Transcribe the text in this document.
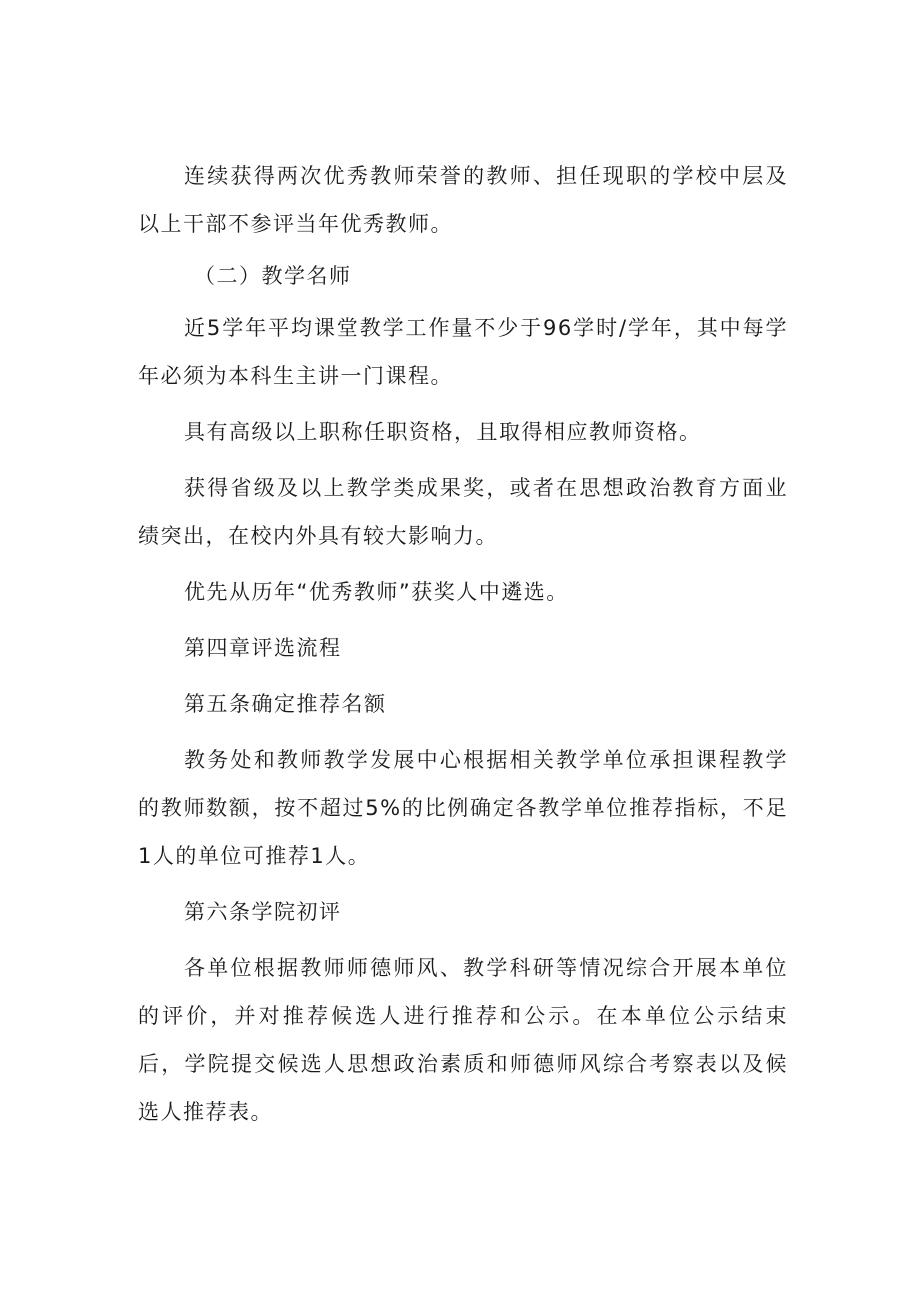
连续获得两次优秀教师荣誉的教师、担任现职的学校中层及以上干部不参评当年优秀教师。

（二）教学名师

近5学年平均课堂教学工作量不少于96学时/学年，其中每学年必须为本科生主讲一门课程。

具有高级以上职称任职资格，且取得相应教师资格。

获得省级及以上教学类成果奖，或者在思想政治教育方面业绩突出，在校内外具有较大影响力。

优先从历年“优秀教师”获奖人中遴选。

第四章评选流程

第五条确定推荐名额

教务处和教师教学发展中心根据相关教学单位承担课程教学的教师数额，按不超过5%的比例确定各教学单位推荐指标，不足1人的单位可推荐1人。

第六条学院初评

各单位根据教师师德师风、教学科研等情况综合开展本单位的评价，并对推荐候选人进行推荐和公示。在本单位公示结束后，学院提交候选人思想政治素质和师德师风综合考察表以及候选人推荐表。
